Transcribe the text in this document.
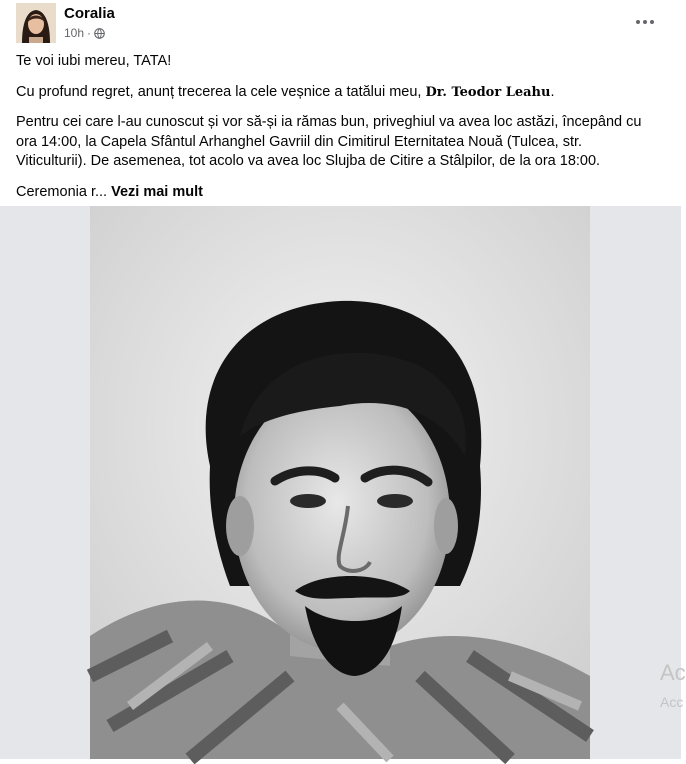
Coralia
10h ·

Te voi iubi mereu, TATA!

Cu profund regret, anunț trecerea la cele veșnice a tatălui meu, Dr. Teodor Leahu.

Pentru cei care l-au cunoscut și vor să-și ia rămas bun, priveghiul va avea loc astăzi, începând cu ora 14:00, la Capela Sfântul Arhanghel Gavriil din Cimitirul Eternitatea Nouă (Tulcea, str. Viticulturii). De asemenea, tot acolo va avea loc Slujba de Citire a Stâlpilor, de la ora 18:00.

Ceremonia r... Vezi mai mult

Ac
Acc
